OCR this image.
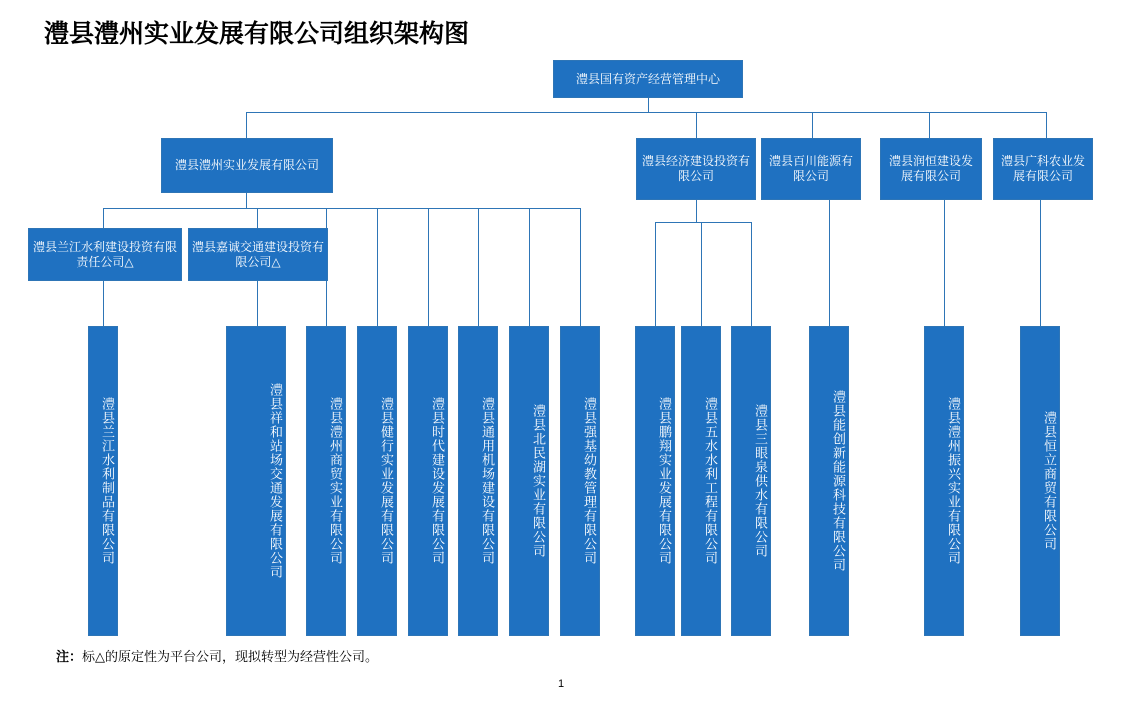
澧县澧州实业发展有限公司组织架构图
澧县国有资产经营管理中心
澧县澧州实业发展有限公司	澧县经济建设投资有限公司
澧县百川能源有限公司
澧县润恒建设发展有限公司
澧县广科农业发展有限公司
澧县兰江水利建设投资有限责任公司△
澧县嘉诚交通建设投资有限公司△
澧县兰江水利制品有限公司	澧县祥和站场交通发展有限公司	澧县澧州商贸实业有限公司	澧县健行实业发展有限公司	澧县时代建设发展有限公司	澧县通用机场建设有限公司	澧县北民湖实业有限公司	澧县强基幼教管理有限公司	澧县鹏翔实业发展有限公司 澧县五水水利工程有限公司	澧县三眼泉供水有限公司	澧县能创新能源科技有限公司	澧县澧州振兴实业有限公司	澧县恒立商贸有限公司
注：标△的原定性为平台公司，现拟转型为经营性公司。
1
